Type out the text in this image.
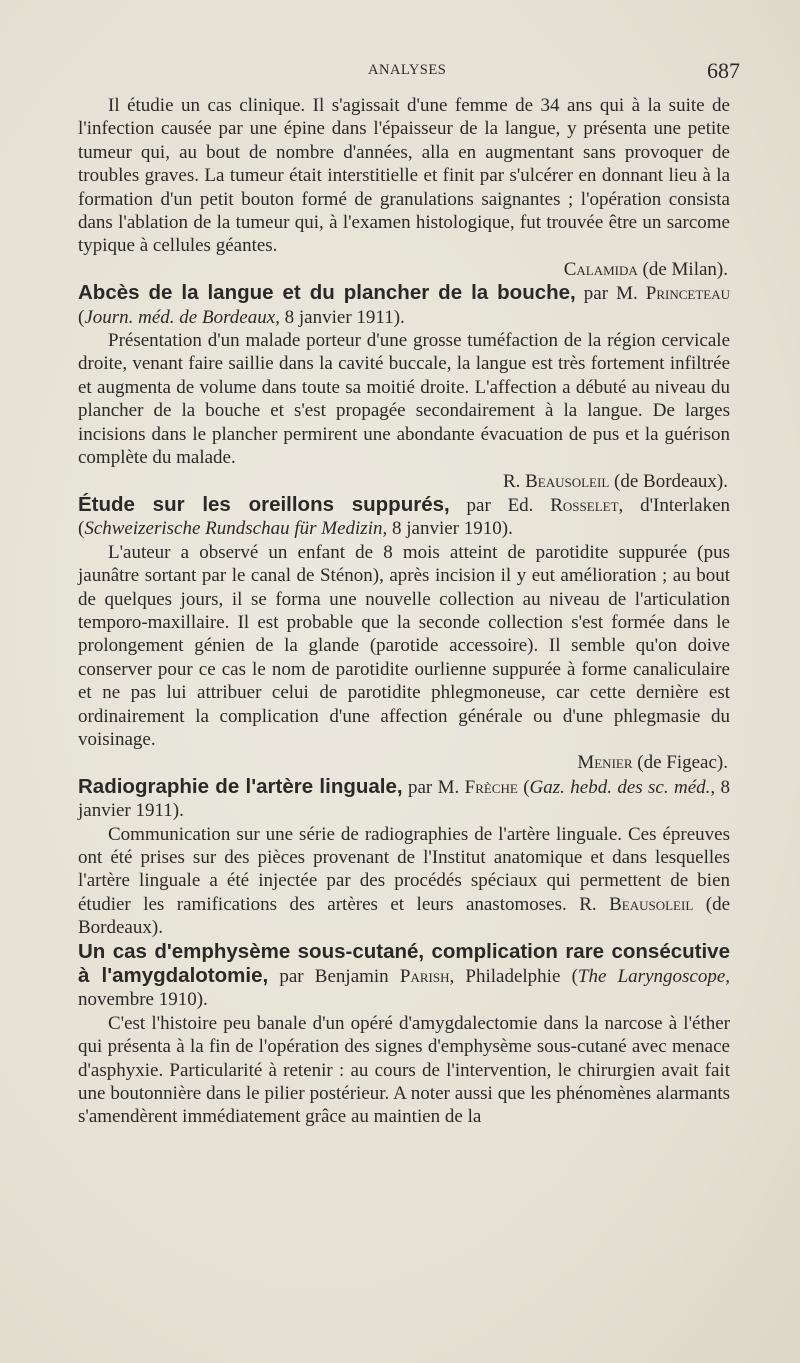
ANALYSES	687

Il étudie un cas clinique. Il s'agissait d'une femme de 34 ans qui à la suite de l'infection causée par une épine dans l'épaisseur de la langue, y présenta une petite tumeur qui, au bout de nombre d'années, alla en augmentant sans provoquer de troubles graves. La tumeur était interstitielle et finit par s'ulcérer en donnant lieu à la formation d'un petit bouton formé de granulations saignantes ; l'opération consista dans l'ablation de la tumeur qui, à l'examen histologique, fut trouvée être un sarcome typique à cellules géantes.

Calamida (de Milan).

Abcès de la langue et du plancher de la bouche, par M. Princeteau (Journ. méd. de Bordeaux, 8 janvier 1911).

Présentation d'un malade porteur d'une grosse tuméfaction de la région cervicale droite, venant faire saillie dans la cavité buccale, la langue est très fortement infiltrée et augmenta de volume dans toute sa moitié droite. L'affection a débuté au niveau du plancher de la bouche et s'est propagée secondairement à la langue. De larges incisions dans le plancher permirent une abondante évacuation de pus et la guérison complète du malade.

R. Beausoleil (de Bordeaux).

Étude sur les oreillons suppurés, par Ed. Rosselet, d'Interlaken (Schweizerische Rundschau für Medizin, 8 janvier 1910).

L'auteur a observé un enfant de 8 mois atteint de parotidite suppurée (pus jaunâtre sortant par le canal de Sténon), après incision il y eut amélioration ; au bout de quelques jours, il se forma une nouvelle collection au niveau de l'articulation temporo-maxillaire. Il est probable que la seconde collection s'est formée dans le prolongement génien de la glande (parotide accessoire). Il semble qu'on doive conserver pour ce cas le nom de parotidite ourlienne suppurée à forme canaliculaire et ne pas lui attribuer celui de parotidite phlegmoneuse, car cette dernière est ordinairement la complication d'une affection générale ou d'une phlegmasie du voisinage.

Menier (de Figeac).

Radiographie de l'artère linguale, par M. Frèche (Gaz. hebd. des sc. méd., 8 janvier 1911).

Communication sur une série de radiographies de l'artère linguale. Ces épreuves ont été prises sur des pièces provenant de l'Institut anatomique et dans lesquelles l'artère linguale a été injectée par des procédés spéciaux qui permettent de bien étudier les ramifications des artères et leurs anastomoses. R. Beausoleil (de Bordeaux).

Un cas d'emphysème sous-cutané, complication rare consécutive à l'amygdalotomie, par Benjamin Parish, Philadelphie (The Laryngoscope, novembre 1910).

C'est l'histoire peu banale d'un opéré d'amygdalectomie dans la narcose à l'éther qui présenta à la fin de l'opération des signes d'emphysème sous-cutané avec menace d'asphyxie. Particularité à retenir : au cours de l'intervention, le chirurgien avait fait une boutonnière dans le pilier postérieur. A noter aussi que les phénomènes alarmants s'amendèrent immédiatement grâce au maintien de la
